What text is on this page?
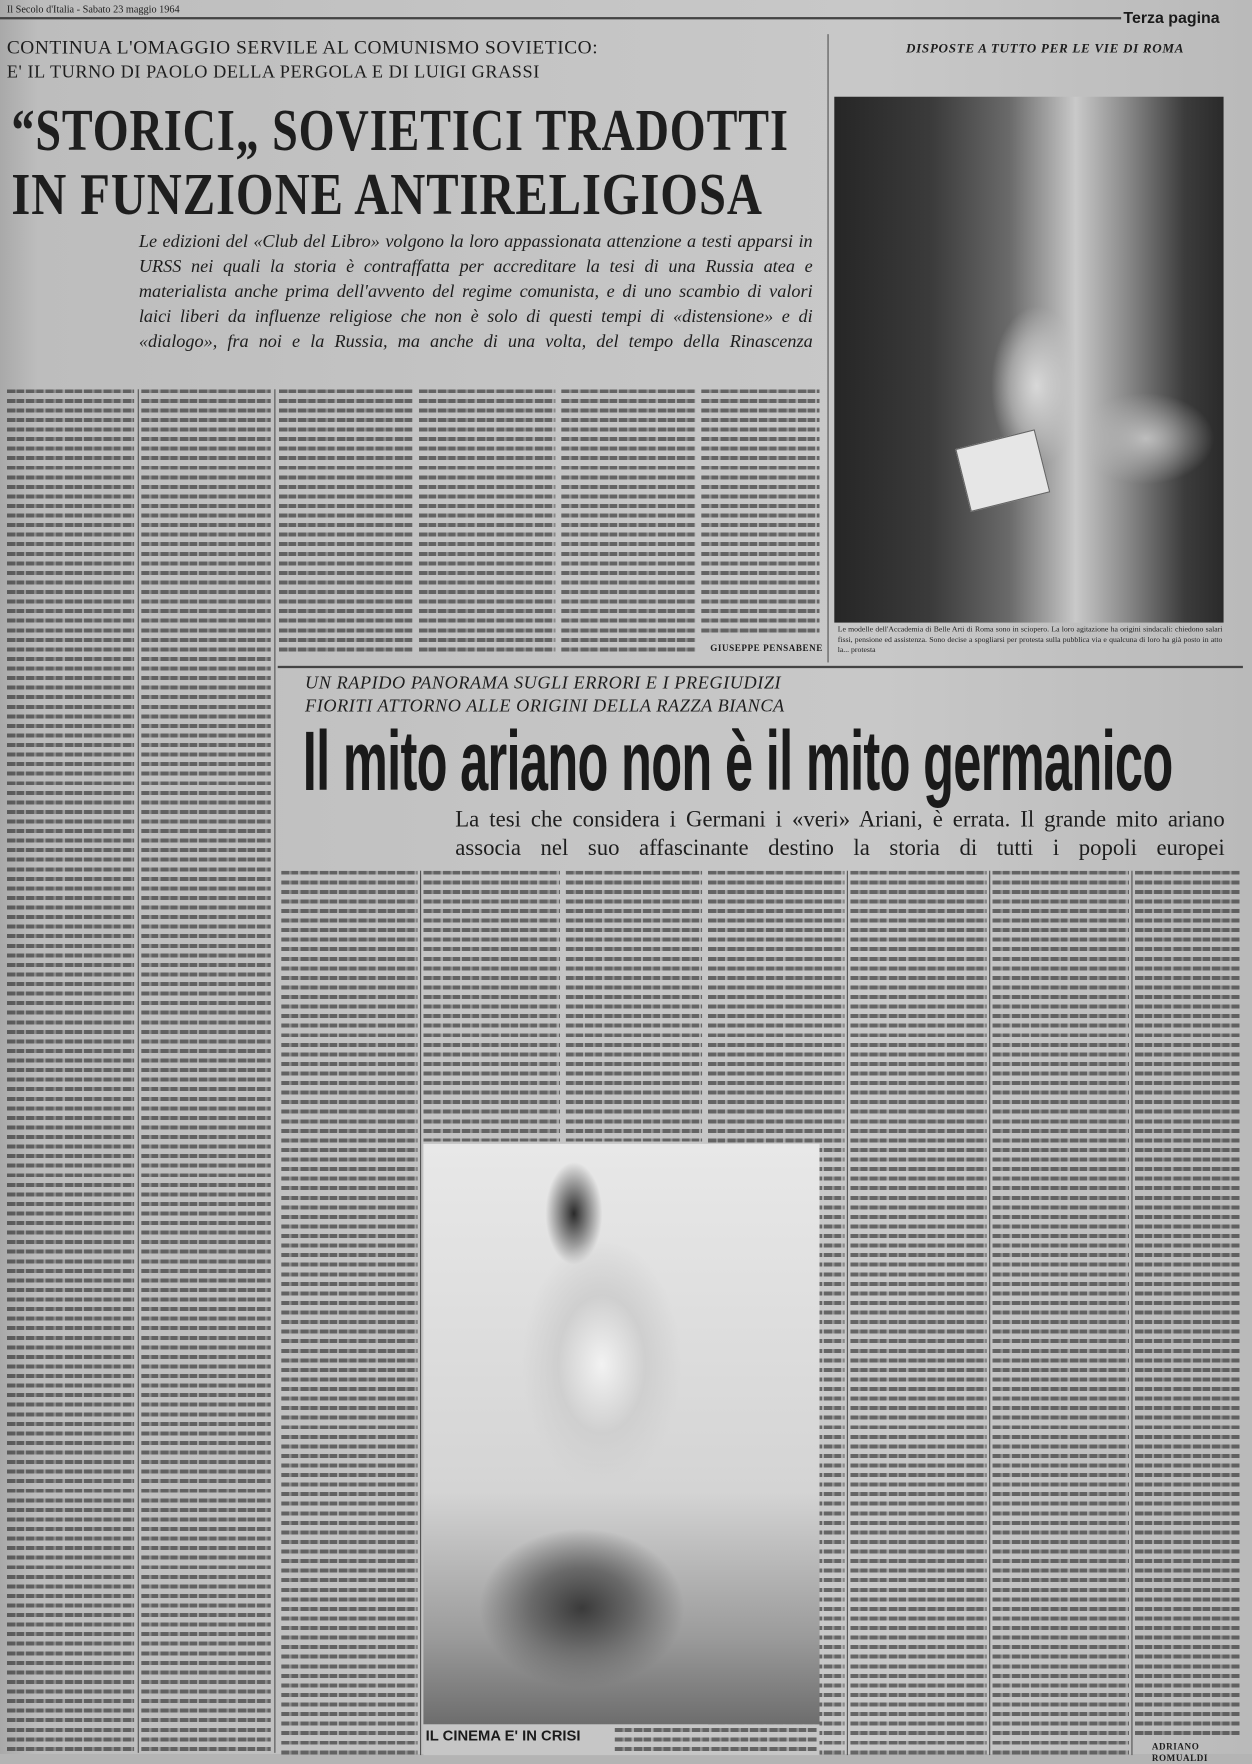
Il Secolo d'Italia - Sabato 23 maggio 1964	Terza pagina
CONTINUA L'OMAGGIO SERVILE AL COMUNISMO SOVIETICO:
E' IL TURNO DI PAOLO DELLA PERGOLA E DI LUIGI GRASSI
“STORICI„ SOVIETICI TRADOTTI
IN FUNZIONE ANTIRELIGIOSA
Le edizioni del «Club del Libro» volgono la loro appassionata attenzione a testi apparsi in URSS nei quali la storia è contraffatta per accreditare la tesi di una Russia atea e materialista anche prima dell'avvento del regime comunista, e di uno scambio di valori laici liberi da influenze religiose che non è solo di questi tempi di «distensione» e di «dialogo», fra noi e la Russia, ma anche di una volta, del tempo della Rinascenza
GIUSEPPE PENSABENE
DISPOSTE A TUTTO PER LE VIE DI ROMA
Le modelle dell'Accademia di Belle Arti di Roma sono in sciopero. La loro agitazione ha origini sindacali: chiedono salari fissi, pensione ed assistenza. Sono decise a spogliarsi per protesta sulla pubblica via e qualcuna di loro ha già posto in atto la... protesta
UN RAPIDO PANORAMA SUGLI ERRORI E I PREGIUDIZI
FIORITI ATTORNO ALLE ORIGINI DELLA RAZZA BIANCA
Il mito ariano non è il mito germanico
La tesi che considera i Germani i «veri» Ariani, è errata. Il grande mito ariano associa nel suo affascinante destino la storia di tutti i popoli europei
ADRIANO ROMUALDI
IL CINEMA E' IN CRISI
